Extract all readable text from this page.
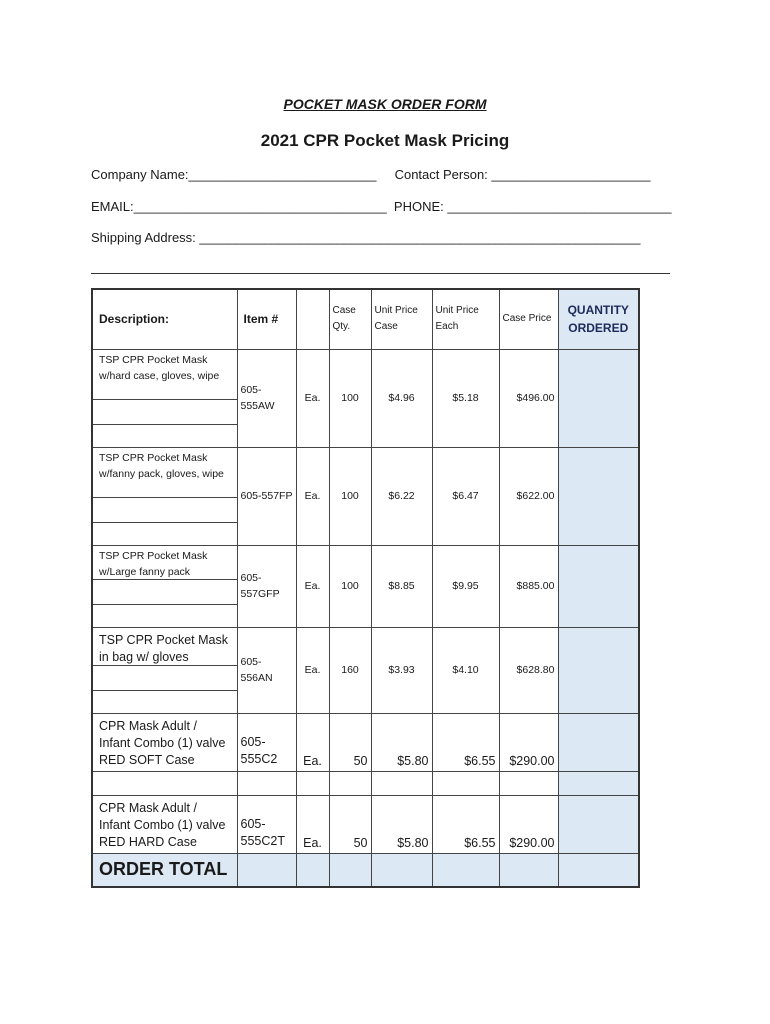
POCKET MASK ORDER FORM
2021 CPR Pocket Mask Pricing
Company Name:__________________________     Contact Person: ______________________
EMAIL:___________________________________  PHONE: _______________________________
Shipping Address: _____________________________________________________________
Description:	Item #		Case Qty.	Unit Price Case	Unit Price Each	Case Price	QUANTITY ORDERED

TSP CPR Pocket Mask w/hard case, gloves, wipe	605-555AW	Ea.	100	$4.96	$5.18	$496.00	

TSP CPR Pocket Mask w/fanny pack, gloves, wipe	605-557FP	Ea.	100	$6.22	$6.47	$622.00	

TSP CPR Pocket Mask w/Large fanny pack	605-557GFP	Ea.	100	$8.85	$9.95	$885.00	

TSP CPR Pocket Mask in bag w/ gloves	605-556AN	Ea.	160	$3.93	$4.10	$628.80	

CPR Mask Adult / Infant Combo (1) valve RED SOFT Case	605-555C2	Ea.	50	$5.80	$6.55	$290.00	

CPR Mask Adult / Infant Combo (1) valve RED HARD Case	605-555C2T	Ea.	50	$5.80	$6.55	$290.00	
ORDER TOTAL							
